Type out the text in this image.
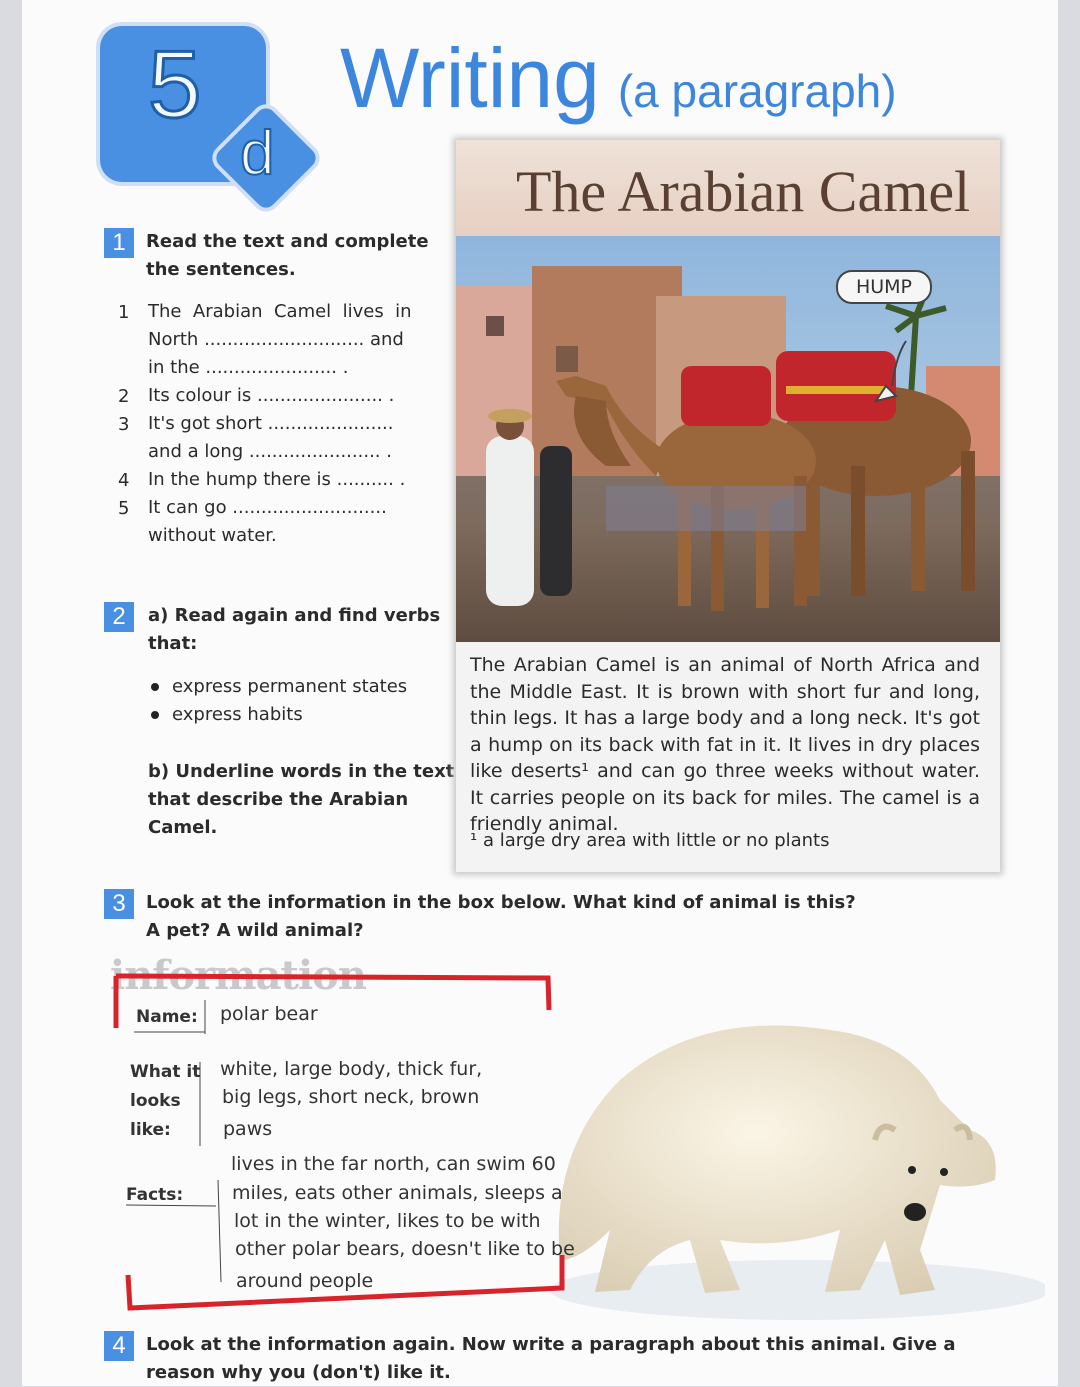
5
d
Writing (a paragraph)
1	Read the text and complete
the sentences.
1 The  Arabian  Camel  lives  in
North ............................ and
in the ....................... .
2 Its colour is ...................... .
3 It's got short ......................
and a long ....................... .
4 In the hump there is .......... .
5 It can go ...........................
without water.
2	a) Read again and find verbs
that:
express permanent states
express habits
b) Underline words in the text
that describe the Arabian
Camel.
The Arabian Camel
HUMP
The Arabian Camel is an animal of North Africa and the Middle East. It is brown with short fur and long, thin legs. It has a large body and a long neck. It's got a hump on its back with fat in it. It lives in dry places like deserts¹ and can go three weeks without water. It carries people on its back for miles. The camel is a friendly animal.
¹ a large dry area with little or no plants
3	Look at the information in the box below. What kind of animal is this?
A pet? A wild animal?
information
Name: polar bear
What it
looks
like:
white, large body, thick fur,
big legs, short neck, brown
paws
Facts:
lives in the far north, can swim 60
miles, eats other animals, sleeps a
lot in the winter, likes to be with
other polar bears, doesn't like to be
around people
4	Look at the information again. Now write a paragraph about this animal. Give a
reason why you (don't) like it.
